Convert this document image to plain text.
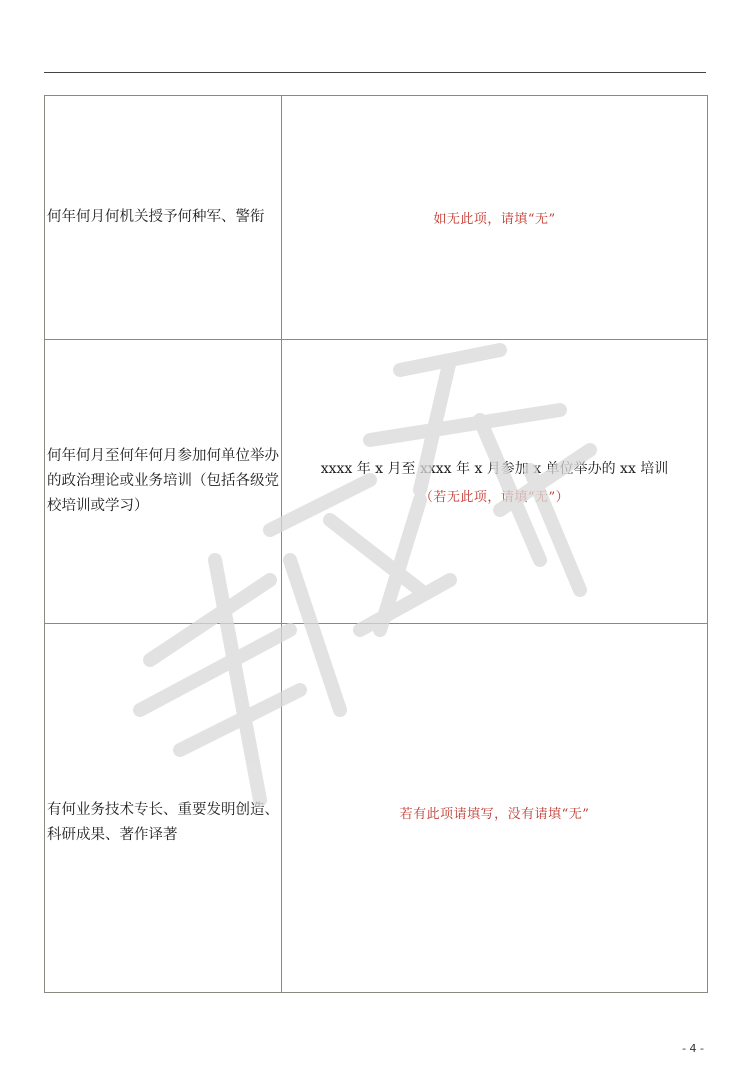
何年何月何机关授予何种军、警衔	如无此项，请填“无”

何年何月至何年何月参加何单位举办的政治理论或业务培训（包括各级党校培训或学习）	xxxx 年 x 月至 xxxx 年 x 月参加 x 单位举办的 xx 培训
（若无此项，请填“无”）

有何业务技术专长、重要发明创造、科研成果、著作译著	$_{若有此项请填写,没有请填“无”}$
- 4 -
